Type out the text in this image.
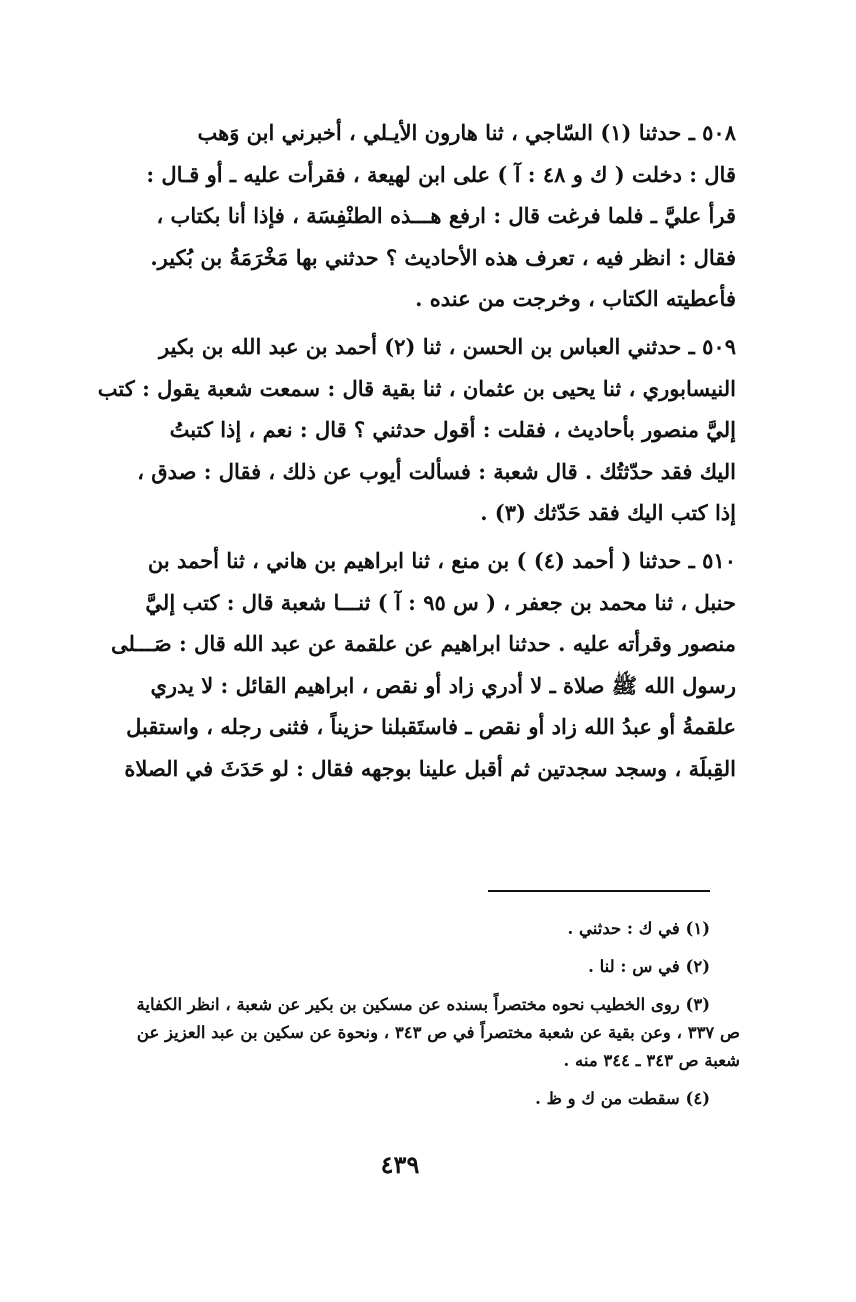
٥٠٨ ـ حدثنا (١) السّاجي ، ثنا هارون الأيـلي ، أخبرني ابن وَهب
قال : دخلت ( ك و ٤٨ : آ ) على ابن لهيعة ، فقرأت عليه ـ أو قـال :
قرأ عليَّ ـ فلما فرغت قال : ارفع هـــذه الطنْفِسَة ، فإذا أنا بكتاب ،
فقال : انظر فيه ، تعرف هذه الأحاديث ؟ حدثني بها مَخْرَمَةُ بن بُكير.
فأعطيته الكتاب ، وخرجت من عنده .
٥٠٩ ـ حدثني العباس بن الحسن ، ثنا (٢) أحمد بن عبد الله بن بكير
النيسابوري ، ثنا يحيى بن عثمان ، ثنا بقية قال : سمعت شعبة يقول : كتب
إليَّ منصور بأحاديث ، فقلت : أقول حدثني ؟ قال : نعم ، إذا كتبتُ
اليك فقد حدّثتُك . قال شعبة : فسألت أيوب عن ذلك ، فقال : صدق ،
إذا كتب اليك فقد حَدّثك (٣) .
٥١٠ ـ حدثنا ( أحمد (٤) ) بن منع ، ثنا ابراهيم بن هاني ، ثنا أحمد بن
حنبل ، ثنا محمد بن جعفر ، ( س ٩٥ : آ ) ثنـــا شعبة قال : كتب إليَّ
منصور وقرأته عليه . حدثنا ابراهيم عن علقمة عن عبد الله قال : صَـــلى
رسول الله ﷺ صلاة ـ لا أدري زاد أو نقص ، ابراهيم القائل : لا يدري
علقمةُ أو عبدُ الله زاد أو نقص ـ فاستَقبلنا حزيناً ، فثنى رجله ، واستقبل
القِبلَة ، وسجد سجدتين ثم أقبل علينا بوجهه فقال : لو حَدَثَ في الصلاة
(١) في ك : حدثني .
(٢) في س : لنا .
(٣) روى الخطيب نحوه مختصراً بسنده عن مسكين بن بكير عن شعبة ، انظر الكفاية
ص ٣٣٧ ، وعن بقية عن شعبة مختصراً في ص ٣٤٣ ، ونحوة عن سكين بن عبد العزيز عن
شعبة ص ٣٤٣ ـ ٣٤٤ منه .
(٤) سقطت من ك و ظ .
٤٣٩
